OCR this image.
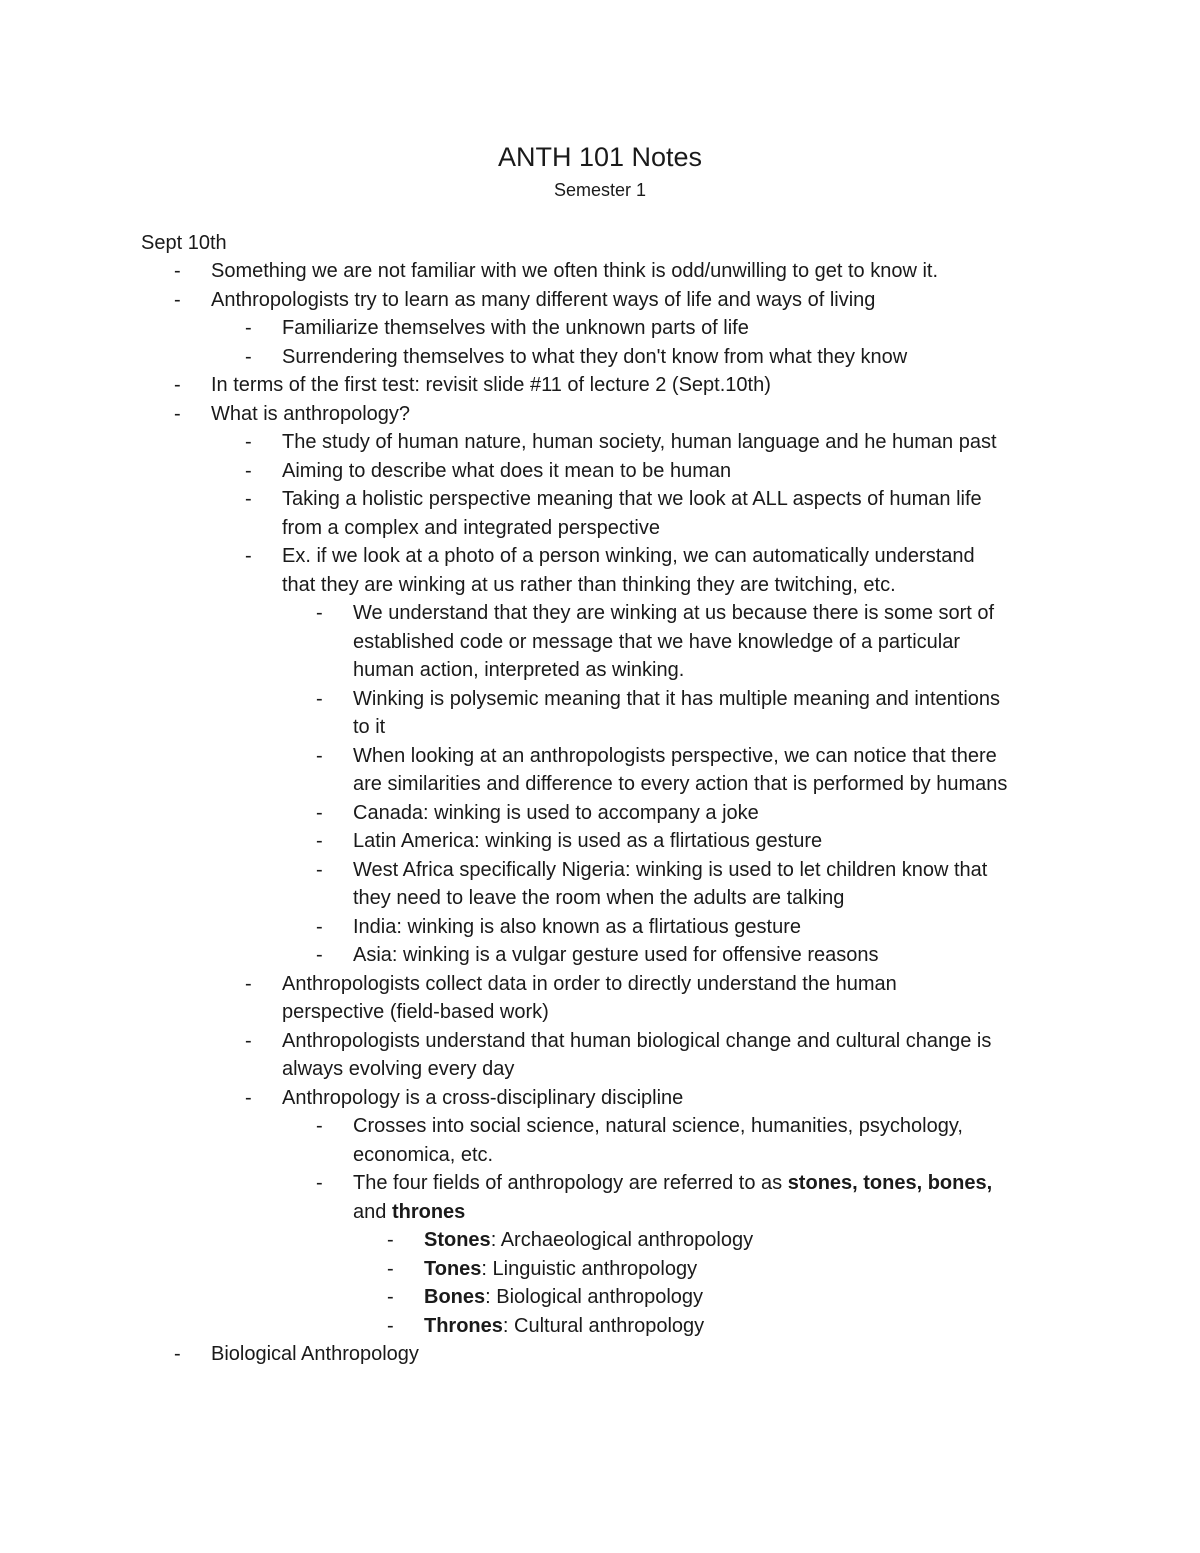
ANTH 101 Notes
Semester 1
Sept 10th
- Something we are not familiar with we often think is odd/unwilling to get to know it.
- Anthropologists try to learn as many different ways of life and ways of living
- Familiarize themselves with the unknown parts of life
- Surrendering themselves to what they don't know from what they know
- In terms of the first test: revisit slide #11 of lecture 2 (Sept.10th)
- What is anthropology?
- The study of human nature, human society, human language and he human past
- Aiming to describe what does it mean to be human
- Taking a holistic perspective meaning that we look at ALL aspects of human life
from a complex and integrated perspective
- Ex. if we look at a photo of a person winking, we can automatically understand
that they are winking at us rather than thinking they are twitching, etc.
- We understand that they are winking at us because there is some sort of
established code or message that we have knowledge of a particular
human action, interpreted as winking.
- Winking is polysemic meaning that it has multiple meaning and intentions
to it
- When looking at an anthropologists perspective, we can notice that there
are similarities and difference to every action that is performed by humans
- Canada: winking is used to accompany a joke
- Latin America: winking is used as a flirtatious gesture
- West Africa specifically Nigeria: winking is used to let children know that
they need to leave the room when the adults are talking
- India: winking is also known as a flirtatious gesture
- Asia: winking is a vulgar gesture used for offensive reasons
- Anthropologists collect data in order to directly understand the human
perspective (field-based work)
- Anthropologists understand that human biological change and cultural change is
always evolving every day
- Anthropology is a cross-disciplinary discipline
- Crosses into social science, natural science, humanities, psychology,
economica, etc.
- The four fields of anthropology are referred to as stones, tones, bones,
and thrones
- Stones: Archaeological anthropology
- Tones: Linguistic anthropology
- Bones: Biological anthropology
- Thrones: Cultural anthropology
- Biological Anthropology
